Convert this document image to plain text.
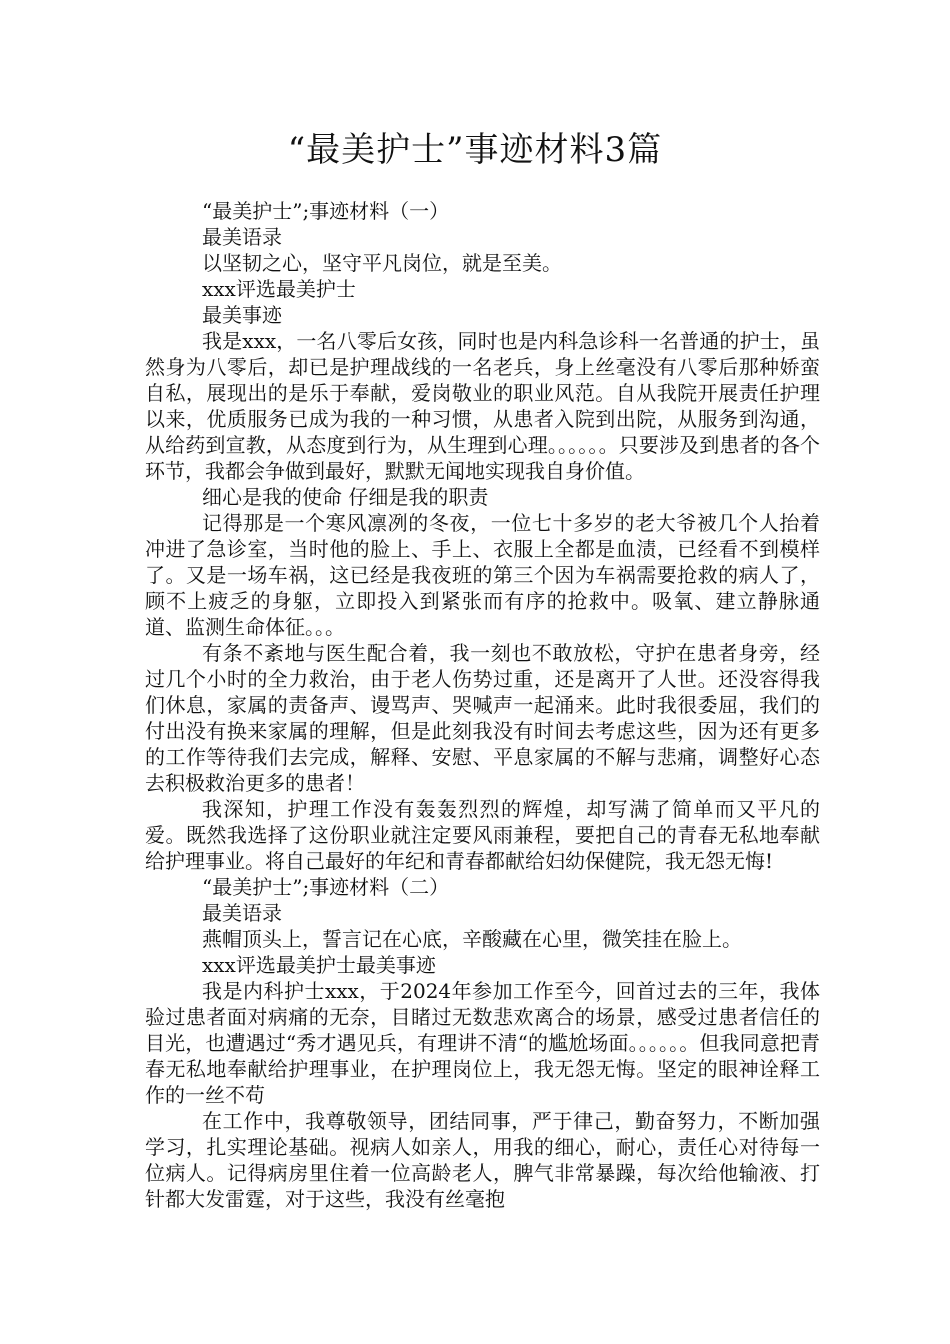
“最美护士”事迹材料3篇

“最美护士”;事迹材料（一）

最美语录

以坚韧之心，坚守平凡岗位，就是至美。

xxx评选最美护士

最美事迹

我是xxx，一名八零后女孩，同时也是内科急诊科一名普通的护士，虽然身为八零后，却已是护理战线的一名老兵，身上丝毫没有八零后那种娇蛮自私，展现出的是乐于奉献，爱岗敬业的职业风范。自从我院开展责任护理以来，优质服务已成为我的一种习惯，从患者入院到出院，从服务到沟通，从给药到宣教，从态度到行为，从生理到心理。。。。。。只要涉及到患者的各个环节，我都会争做到最好，默默无闻地实现我自身价值。

细心是我的使命 仔细是我的职责

记得那是一个寒风凛冽的冬夜，一位七十多岁的老大爷被几个人抬着冲进了急诊室，当时他的脸上、手上、衣服上全都是血渍，已经看不到模样了。又是一场车祸，这已经是我夜班的第三个因为车祸需要抢救的病人了，顾不上疲乏的身躯，立即投入到紧张而有序的抢救中。吸氧、建立静脉通道、监测生命体征。。。

有条不紊地与医生配合着，我一刻也不敢放松，守护在患者身旁，经过几个小时的全力救治，由于老人伤势过重，还是离开了人世。还没容得我们休息，家属的责备声、谩骂声、哭喊声一起涌来。此时我很委屈，我们的付出没有换来家属的理解，但是此刻我没有时间去考虑这些，因为还有更多的工作等待我们去完成，解释、安慰、平息家属的不解与悲痛，调整好心态去积极救治更多的患者！

我深知，护理工作没有轰轰烈烈的辉煌，却写满了简单而又平凡的爱。既然我选择了这份职业就注定要风雨兼程，要把自己的青春无私地奉献给护理事业。将自己最好的年纪和青春都献给妇幼保健院，我无怨无悔!

“最美护士”;事迹材料（二）

最美语录

燕帽顶头上，誓言记在心底，辛酸藏在心里，微笑挂在脸上。

xxx评选最美护士最美事迹

我是内科护士xxx，于2024年参加工作至今，回首过去的三年，我体验过患者面对病痛的无奈，目睹过无数悲欢离合的场景，感受过患者信任的目光，也遭遇过“秀才遇见兵，有理讲不清“的尴尬场面。。。。。。但我同意把青春无私地奉献给护理事业，在护理岗位上，我无怨无悔。坚定的眼神诠释工作的一丝不苟

在工作中，我尊敬领导，团结同事，严于律己，勤奋努力，不断加强学习，扎实理论基础。视病人如亲人，用我的细心，耐心，责任心对待每一位病人。记得病房里住着一位高龄老人，脾气非常暴躁，每次给他输液、打针都大发雷霆，对于这些，我没有丝毫抱
